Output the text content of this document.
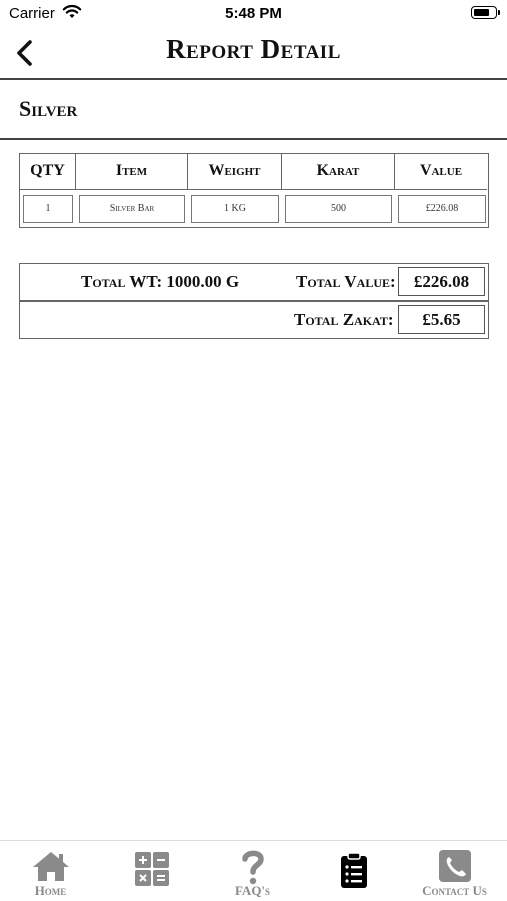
Carrier	5:48 PM
Report Detail
Silver
QTY	Item	Weight	Karat	Value
1	Silver Bar	1 KG	500	£226.08
Total WT: 1000.00 G	Total Value:	£226.08
Total Zakat:	£5.65
Home	FAQ's	Contact Us
